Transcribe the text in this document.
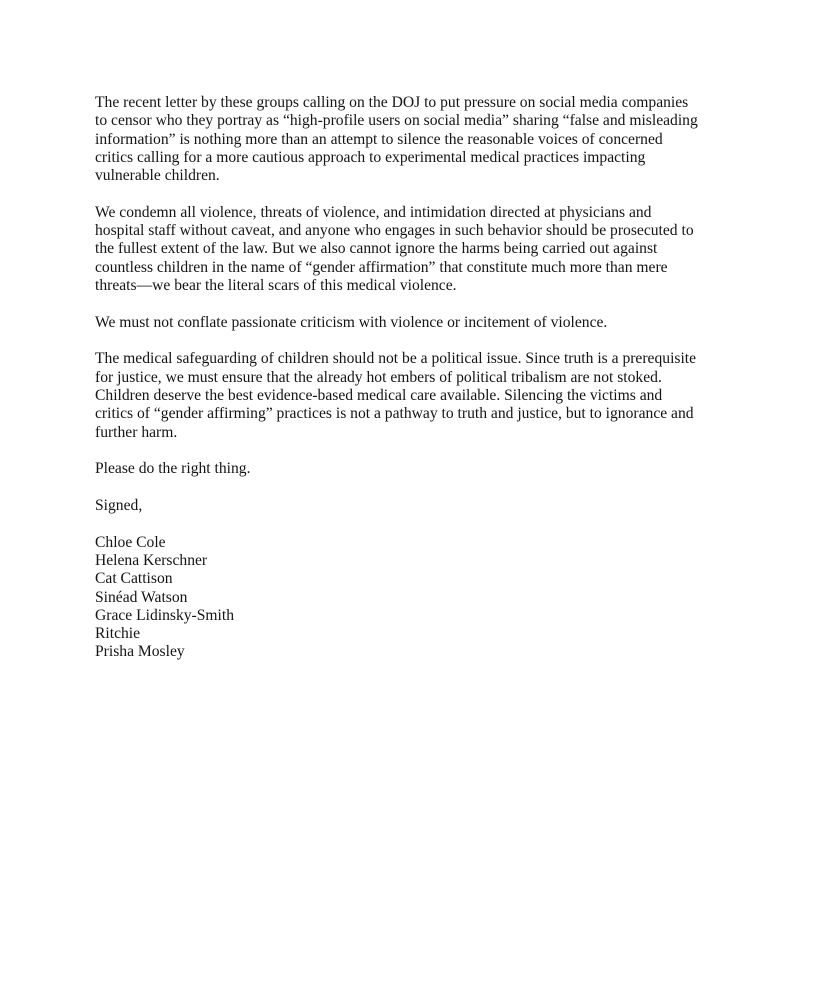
The recent letter by these groups calling on the DOJ to put pressure on social media companies
to censor who they portray as “high-profile users on social media” sharing “false and misleading
information” is nothing more than an attempt to silence the reasonable voices of concerned
critics calling for a more cautious approach to experimental medical practices impacting
vulnerable children.
We condemn all violence, threats of violence, and intimidation directed at physicians and
hospital staff without caveat, and anyone who engages in such behavior should be prosecuted to
the fullest extent of the law. But we also cannot ignore the harms being carried out against
countless children in the name of “gender affirmation” that constitute much more than mere
threats—we bear the literal scars of this medical violence.
We must not conflate passionate criticism with violence or incitement of violence.
The medical safeguarding of children should not be a political issue. Since truth is a prerequisite
for justice, we must ensure that the already hot embers of political tribalism are not stoked.
Children deserve the best evidence-based medical care available. Silencing the victims and
critics of “gender affirming” practices is not a pathway to truth and justice, but to ignorance and
further harm.
Please do the right thing.
Signed,
Chloe Cole
Helena Kerschner
Cat Cattison
Sinéad Watson
Grace Lidinsky-Smith
Ritchie
Prisha Mosley
